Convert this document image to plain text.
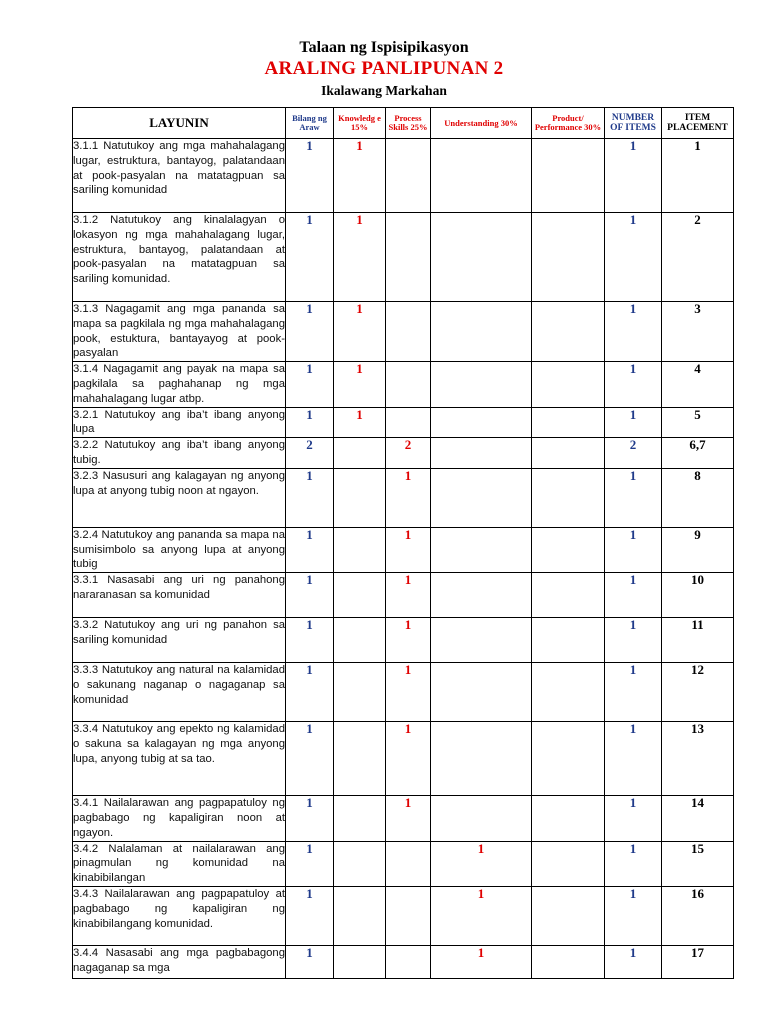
Talaan ng Ispisipikasyon
ARALING PANLIPUNAN 2
Ikalawang Markahan
LAYUNIN	Bilang ng Araw	Knowledg e 15%	Process Skills 25%	Understanding 30%	Product/ Performance 30%	NUMBER OF ITEMS	ITEM PLACEMENT
3.1.1 Natutukoy ang mga mahahalagang lugar, estruktura, bantayog, palatandaan at pook-pasyalan na matatagpuan sa sariling komunidad	1	1				1	1
3.1.2 Natutukoy ang kinalalagyan o lokasyon ng mga mahahalagang lugar, estruktura, bantayog, palatandaan at pook-pasyalan na matatagpuan sa sariling komunidad.	1	1				1	2
3.1.3 Nagagamit ang mga pananda sa mapa sa pagkilala ng mga mahahalagang pook, estuktura, bantayayog at pook-pasyalan	1	1				1	3
3.1.4 Nagagamit ang payak na mapa sa pagkilala sa paghahanap ng mga mahahalagang lugar atbp.	1	1				1	4
3.2.1 Natutukoy ang iba’t ibang anyong lupa	1	1				1	5
3.2.2 Natutukoy ang iba’t ibang anyong tubig.	2		2			2	6,7
3.2.3 Nasusuri ang kalagayan ng anyong lupa at anyong tubig noon at ngayon.	1		1			1	8
3.2.4 Natutukoy ang pananda sa mapa na sumisimbolo sa anyong lupa at anyong tubig	1		1			1	9
3.3.1 Nasasabi ang uri ng panahong nararanasan sa komunidad	1		1			1	10
3.3.2 Natutukoy ang uri ng panahon sa sariling komunidad	1		1			1	11
3.3.3 Natutukoy ang natural na kalamidad o sakunang naganap o nagaganap sa komunidad	1		1			1	12
3.3.4 Natutukoy ang epekto ng kalamidad o sakuna sa kalagayan ng mga anyong lupa, anyong tubig at sa tao.	1		1			1	13
3.4.1 Nailalarawan ang pagpapatuloy ng pagbabago ng kapaligiran noon at ngayon.	1		1			1	14
3.4.2 Nalalaman at nailalarawan ang pinagmulan ng komunidad na kinabibilangan	1			1		1	15
3.4.3 Nailalarawan ang pagpapatuloy at pagbabago ng kapaligiran ng kinabibilangang komunidad.	1			1		1	16
3.4.4 Nasasabi ang mga pagbabagong nagaganap sa mga	1			1		1	17
